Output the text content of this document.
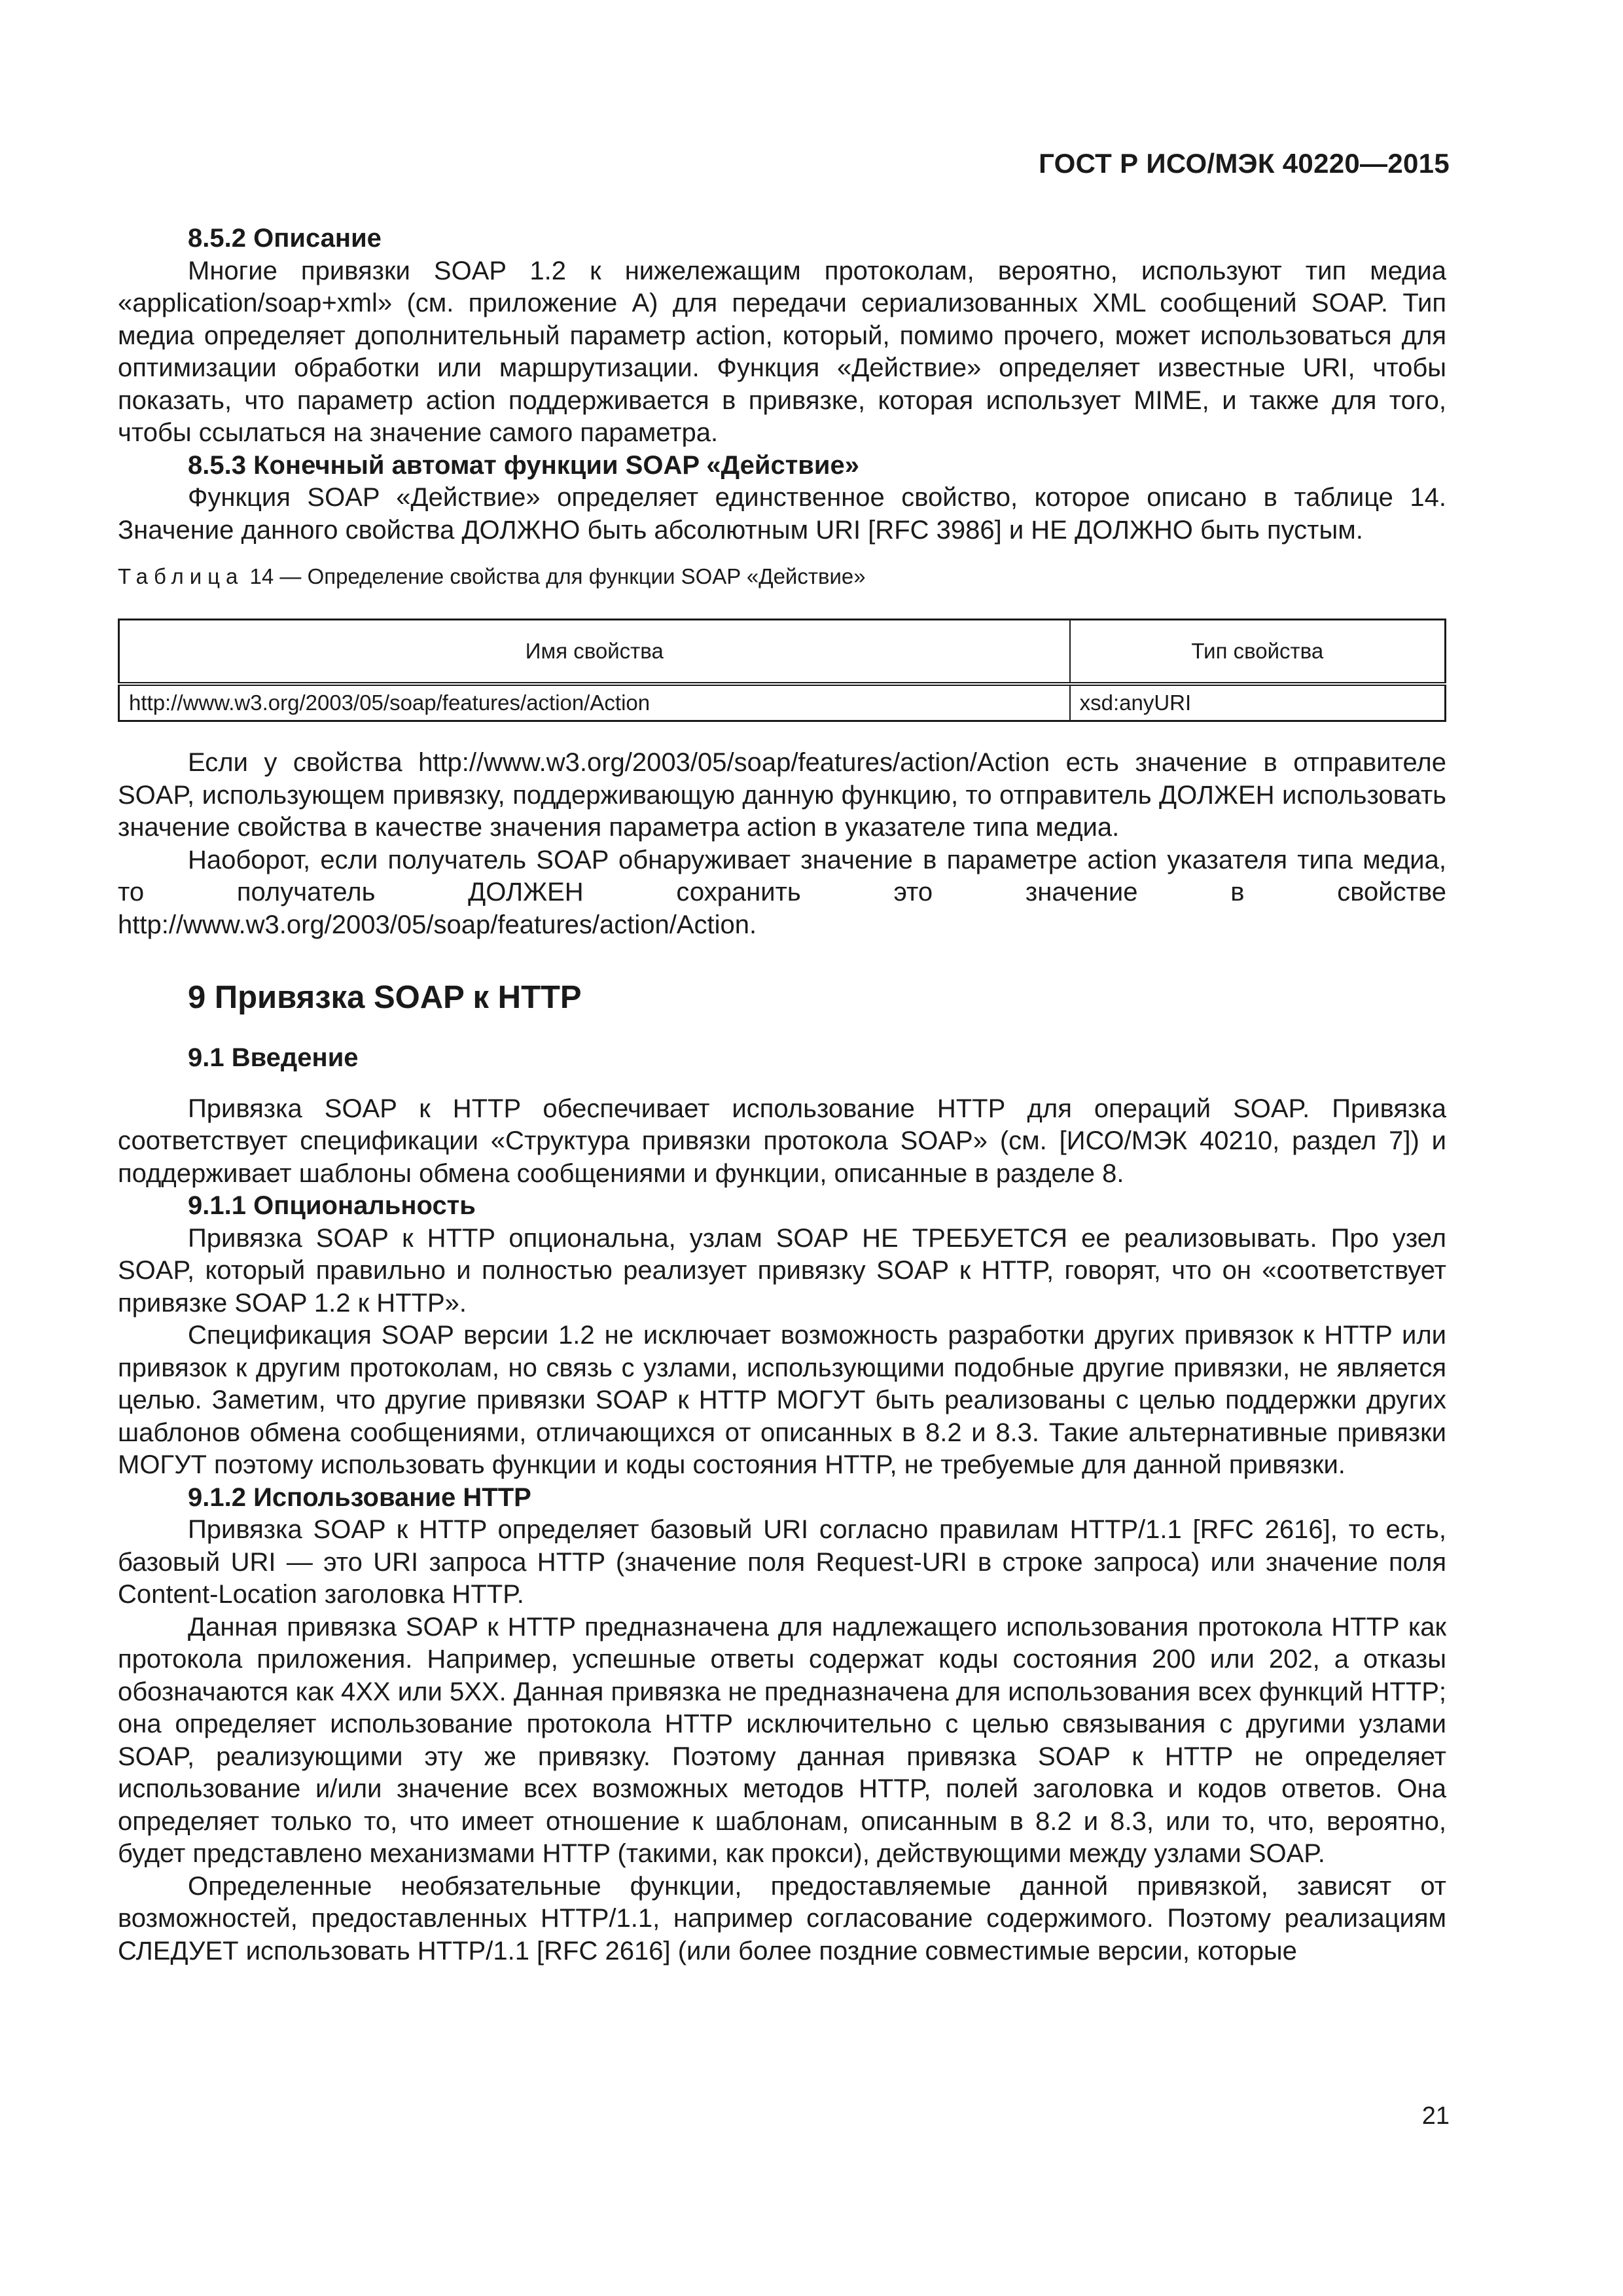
ГОСТ Р ИСО/МЭК 40220—2015
8.5.2 Описание

Многие привязки SOAP 1.2 к нижележащим протоколам, вероятно, используют тип медиа «application/soap+xml» (см. приложение А) для передачи сериализованных XML сообщений SOAP. Тип медиа определяет дополнительный параметр action, который, помимо прочего, может использоваться для оптимизации обработки или маршрутизации. Функция «Действие» определяет известные URI, чтобы показать, что параметр action поддерживается в привязке, которая использует MIME, и также для того, чтобы ссылаться на значение самого параметра.

8.5.3 Конечный автомат функции SOAP «Действие»

Функция SOAP «Действие» определяет единственное свойство, которое описано в таблице 14. Значение данного свойства ДОЛЖНО быть абсолютным URI [RFC 3986] и НЕ ДОЛЖНО быть пустым.

Таблица 14 — Определение свойства для функции SOAP «Действие»
Имя свойства	Тип свойства
http://www.w3.org/2003/05/soap/features/action/Action	xsd:anyURI

Если у свойства http://www.w3.org/2003/05/soap/features/action/Action есть значение в отправителе SOAP, использующем привязку, поддерживающую данную функцию, то отправитель ДОЛЖЕН использовать значение свойства в качестве значения параметра action в указателе типа медиа.

Наоборот, если получатель SOAP обнаруживает значение в параметре action указателя типа медиа, то получатель ДОЛЖЕН сохранить это значение в свойстве http://www.w3.org/2003/05/soap/features/action/Action.

9 Привязка SOAP к HTTP
9.1 Введение

Привязка SOAP к HTTP обеспечивает использование HTTP для операций SOAP. Привязка соответствует спецификации «Структура привязки протокола SOAP» (см. [ИСО/МЭК 40210, раздел 7]) и поддерживает шаблоны обмена сообщениями и функции, описанные в разделе 8.

9.1.1 Опциональность

Привязка SOAP к HTTP опциональна, узлам SOAP НЕ ТРЕБУЕТСЯ ее реализовывать. Про узел SOAP, который правильно и полностью реализует привязку SOAP к HTTP, говорят, что он «соответствует привязке SOAP 1.2 к HTTP».

Спецификация SOAP версии 1.2 не исключает возможность разработки других привязок к HTTP или привязок к другим протоколам, но связь с узлами, использующими подобные другие привязки, не является целью. Заметим, что другие привязки SOAP к HTTP МОГУТ быть реализованы с целью поддержки других шаблонов обмена сообщениями, отличающихся от описанных в 8.2 и 8.3. Такие альтернативные привязки МОГУТ поэтому использовать функции и коды состояния HTTP, не требуемые для данной привязки.

9.1.2 Использование HTTP

Привязка SOAP к HTTP определяет базовый URI согласно правилам HTTP/1.1 [RFC 2616], то есть, базовый URI — это URI запроса HTTP (значение поля Request-URI в строке запроса) или значение поля Content-Location заголовка HTTP.

Данная привязка SOAP к HTTP предназначена для надлежащего использования протокола HTTP как протокола приложения. Например, успешные ответы содержат коды состояния 200 или 202, а отказы обозначаются как 4XX или 5XX. Данная привязка не предназначена для использования всех функций HTTP; она определяет использование протокола HTTP исключительно с целью связывания с другими узлами SOAP, реализующими эту же привязку. Поэтому данная привязка SOAP к HTTP не определяет использование и/или значение всех возможных методов HTTP, полей заголовка и кодов ответов. Она определяет только то, что имеет отношение к шаблонам, описанным в 8.2 и 8.3, или то, что, вероятно, будет представлено механизмами HTTP (такими, как прокси), действующими между узлами SOAP.

Определенные необязательные функции, предоставляемые данной привязкой, зависят от возможностей, предоставленных HTTP/1.1, например согласование содержимого. Поэтому реализациям СЛЕДУЕТ использовать HTTP/1.1 [RFC 2616] (или более поздние совместимые версии, которые

21
